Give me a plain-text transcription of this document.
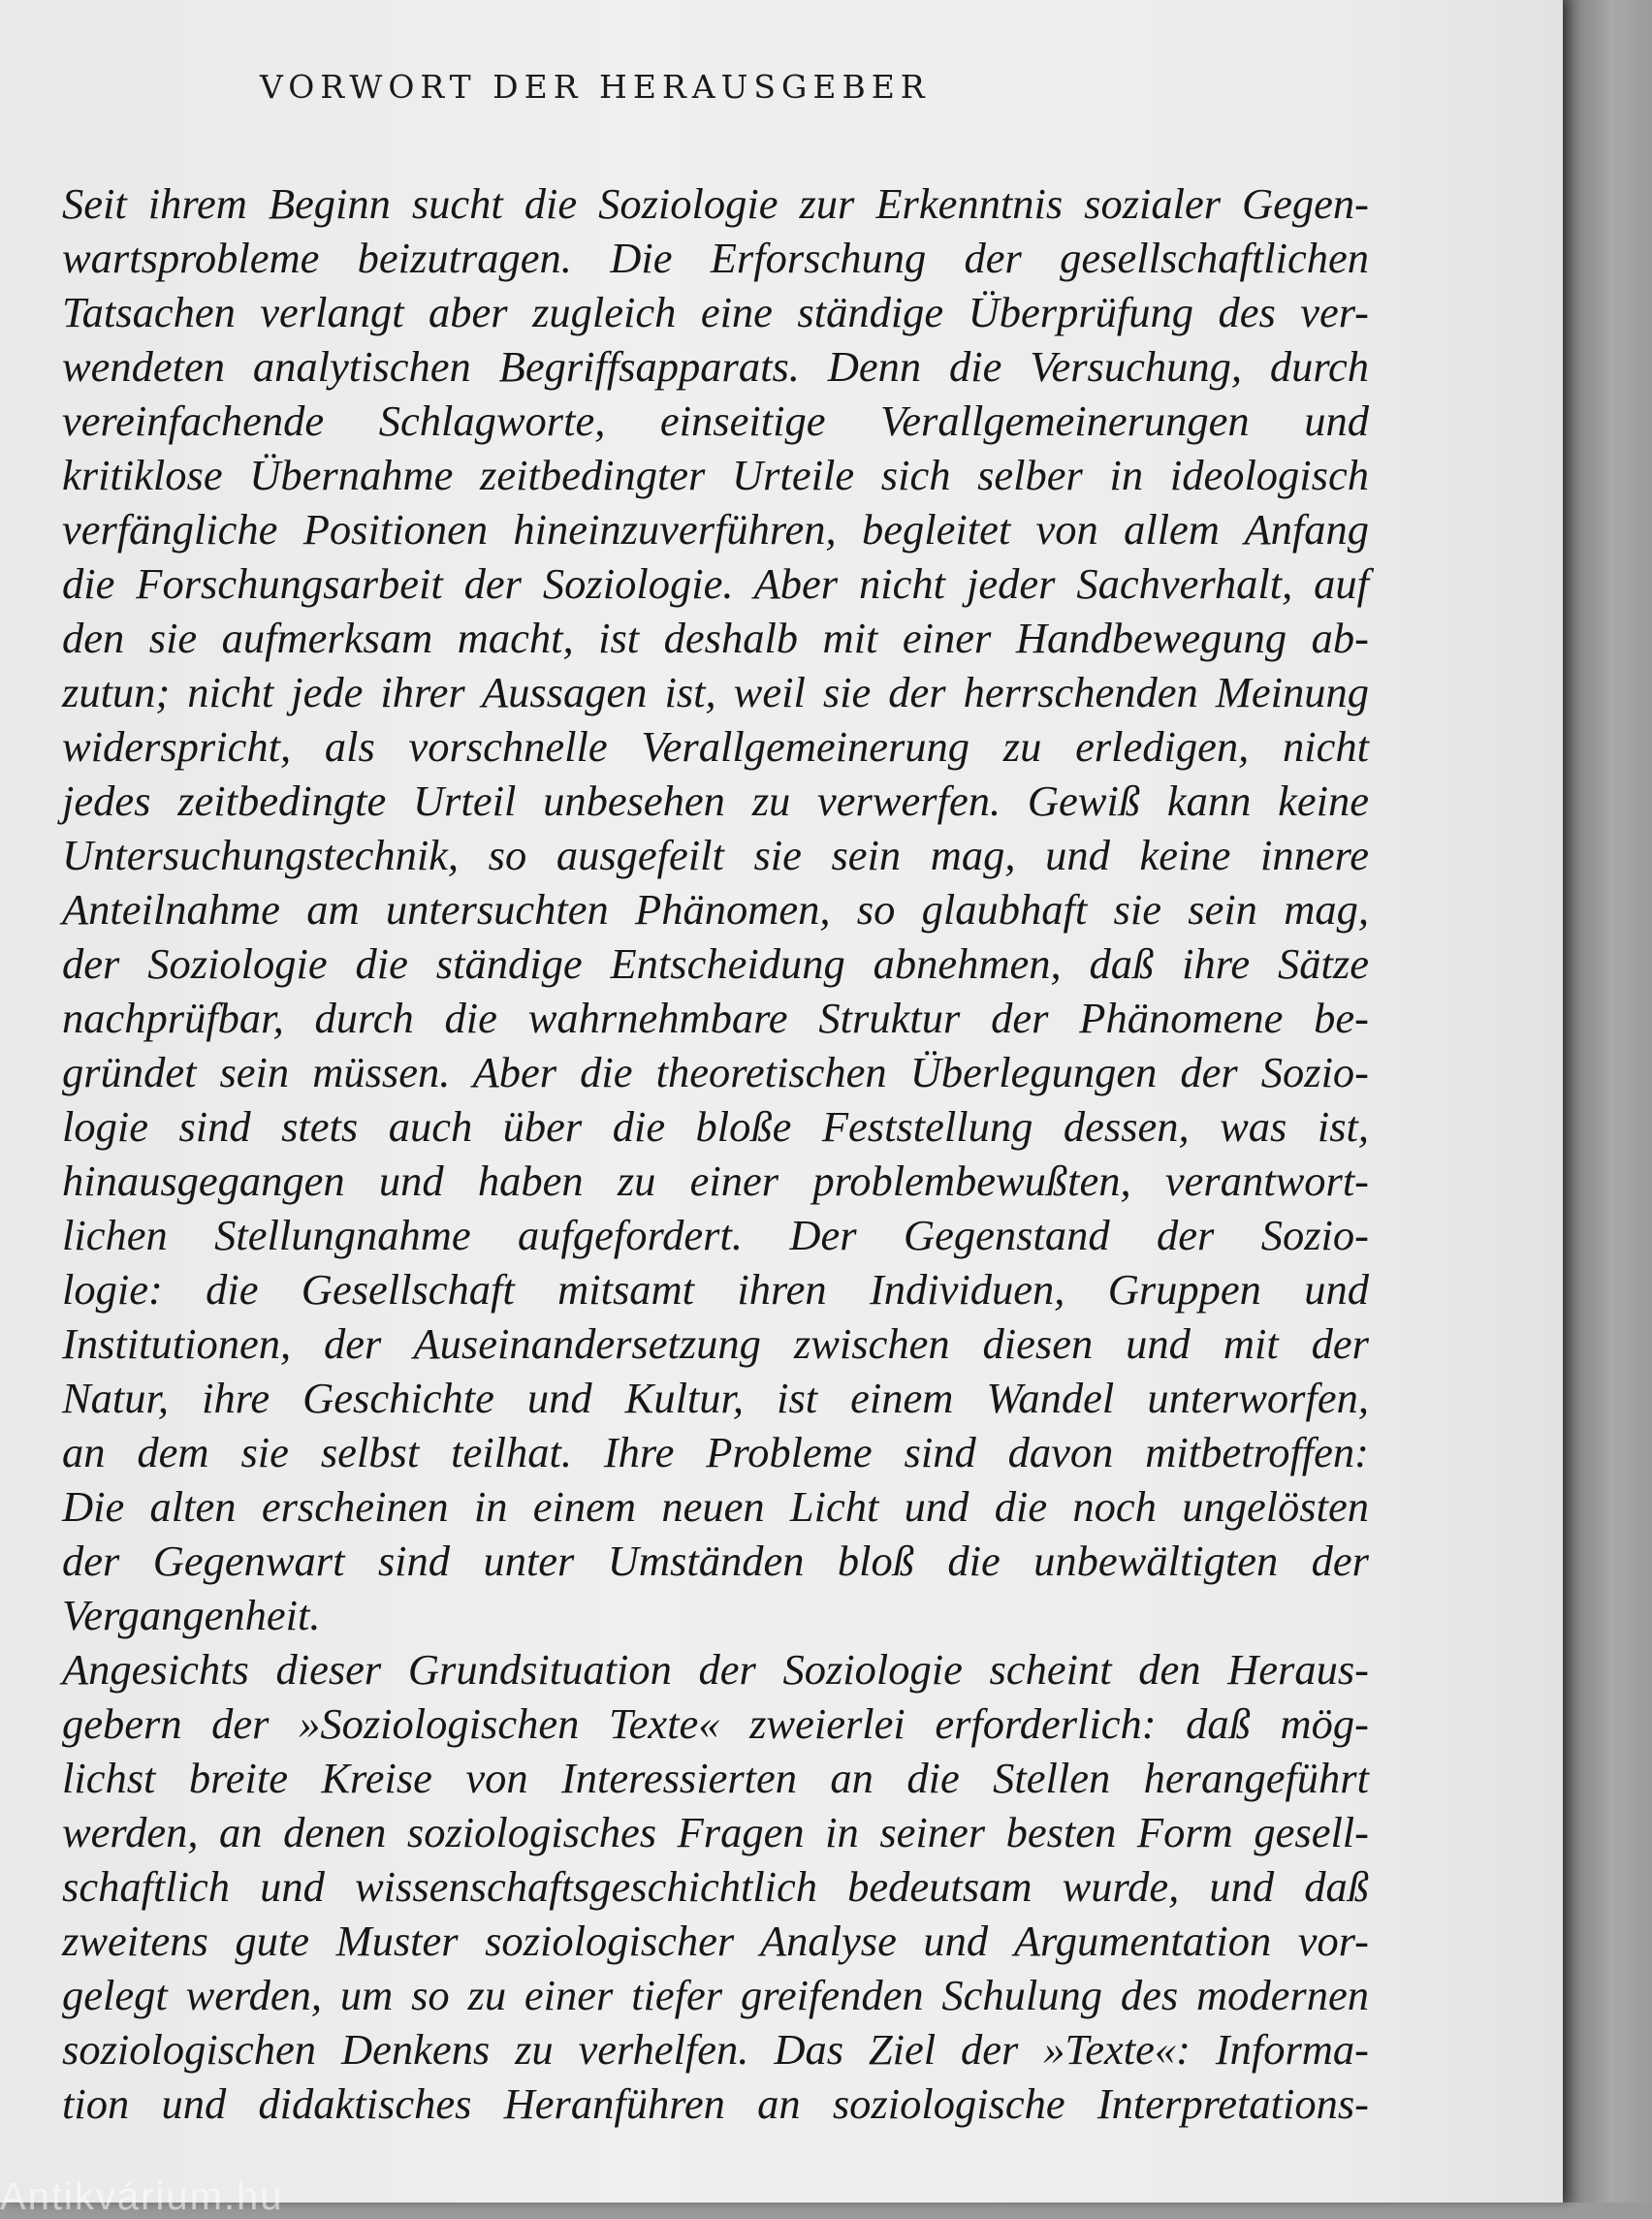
VORWORT DER HERAUSGEBER
Seit ihrem Beginn sucht die Soziologie zur Erkenntnis sozialer Gegen-
wartsprobleme beizutragen. Die Erforschung der gesellschaftlichen
Tatsachen verlangt aber zugleich eine ständige Überprüfung des ver-
wendeten analytischen Begriffsapparats. Denn die Versuchung, durch
vereinfachende Schlagworte, einseitige Verallgemeinerungen und
kritiklose Übernahme zeitbedingter Urteile sich selber in ideologisch
verfängliche Positionen hineinzuverführen, begleitet von allem Anfang
die Forschungsarbeit der Soziologie. Aber nicht jeder Sachverhalt, auf
den sie aufmerksam macht, ist deshalb mit einer Handbewegung ab-
zutun; nicht jede ihrer Aussagen ist, weil sie der herrschenden Meinung
widerspricht, als vorschnelle Verallgemeinerung zu erledigen, nicht
jedes zeitbedingte Urteil unbesehen zu verwerfen. Gewiß kann keine
Untersuchungstechnik, so ausgefeilt sie sein mag, und keine innere
Anteilnahme am untersuchten Phänomen, so glaubhaft sie sein mag,
der Soziologie die ständige Entscheidung abnehmen, daß ihre Sätze
nachprüfbar, durch die wahrnehmbare Struktur der Phänomene be-
gründet sein müssen. Aber die theoretischen Überlegungen der Sozio-
logie sind stets auch über die bloße Feststellung dessen, was ist,
hinausgegangen und haben zu einer problembewußten, verantwort-
lichen Stellungnahme aufgefordert. Der Gegenstand der Sozio-
logie: die Gesellschaft mitsamt ihren Individuen, Gruppen und
Institutionen, der Auseinandersetzung zwischen diesen und mit der
Natur, ihre Geschichte und Kultur, ist einem Wandel unterworfen,
an dem sie selbst teilhat. Ihre Probleme sind davon mitbetroffen:
Die alten erscheinen in einem neuen Licht und die noch ungelösten
der Gegenwart sind unter Umständen bloß die unbewältigten der
Vergangenheit.
Angesichts dieser Grundsituation der Soziologie scheint den Heraus-
gebern der »Soziologischen Texte« zweierlei erforderlich: daß mög-
lichst breite Kreise von Interessierten an die Stellen herangeführt
werden, an denen soziologisches Fragen in seiner besten Form gesell-
schaftlich und wissenschaftsgeschichtlich bedeutsam wurde, und daß
zweitens gute Muster soziologischer Analyse und Argumentation vor-
gelegt werden, um so zu einer tiefer greifenden Schulung des modernen
soziologischen Denkens zu verhelfen. Das Ziel der »Texte«: Informa-
tion und didaktisches Heranführen an soziologische Interpretations-
Antikvárium.hu
